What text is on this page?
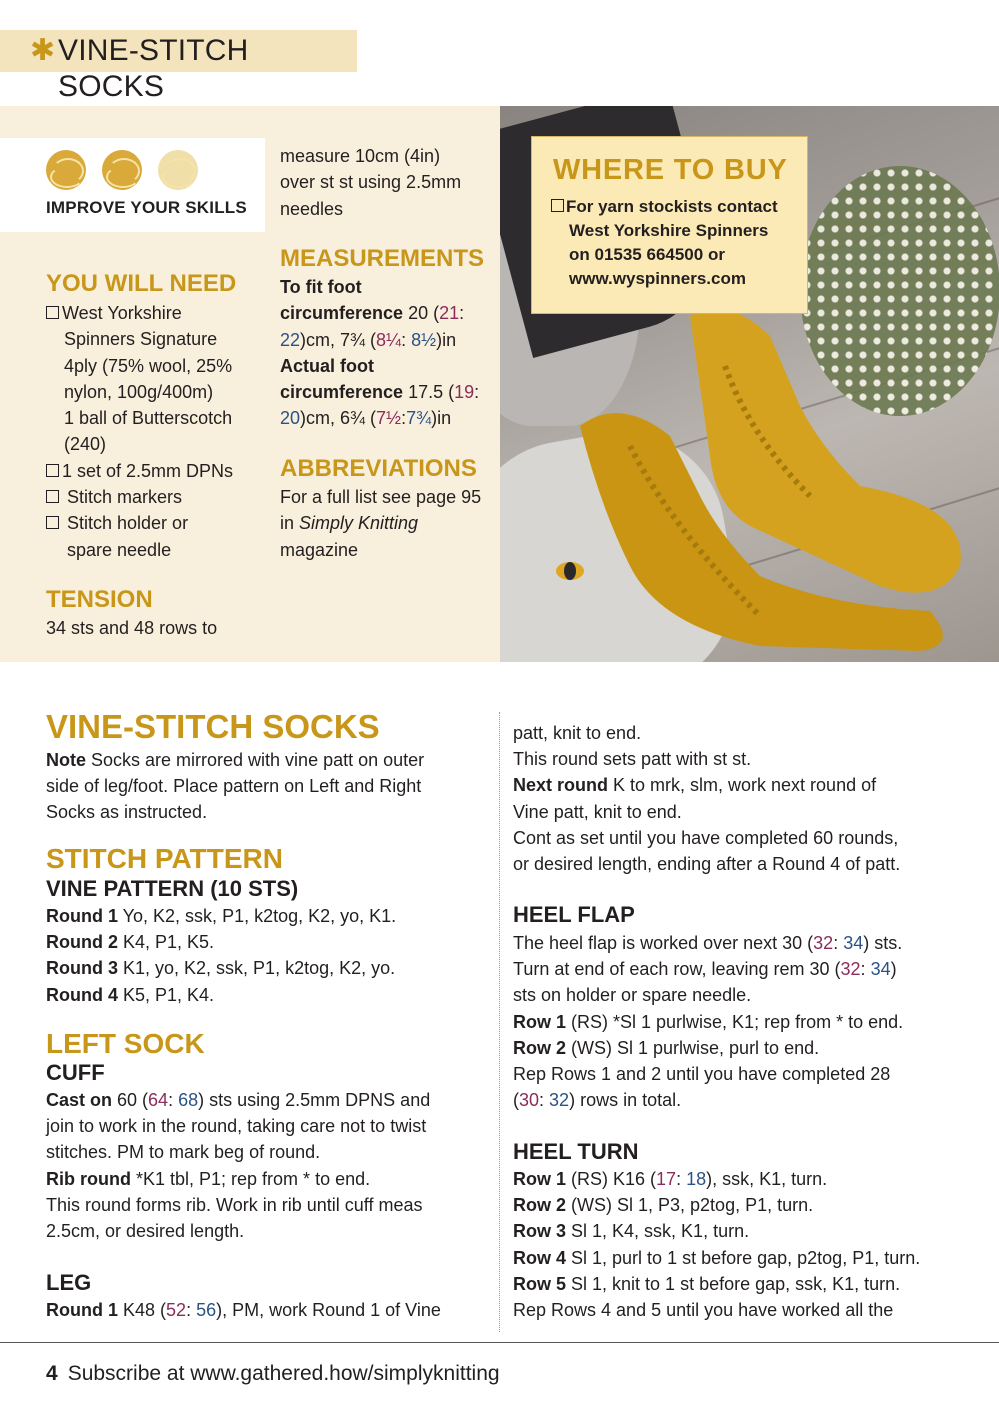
✱ VINE-STITCH SOCKS
IMPROVE YOUR SKILLS
YOU WILL NEED
West Yorkshire
Spinners Signature
4ply (75% wool, 25%
nylon, 100g/400m)
1 ball of Butterscotch
(240)
1 set of 2.5mm DPNs
Stitch markers
Stitch holder or
spare needle
TENSION
34 sts and 48 rows to
measure 10cm (4in)
over st st using 2.5mm
needles
MEASUREMENTS
To fit foot
circumference 20 (21:
22)cm, 7¾ (8¼: 8½)in
Actual foot
circumference 17.5 (19:
20)cm, 6¾ (7½:7¾)in
ABBREVIATIONS
For a full list see page 95
in Simply Knitting
magazine
WHERE TO BUY
For yarn stockists contact
West Yorkshire Spinners
on 01535 664500 or
www.wyspinners.com
VINE-STITCH SOCKS
Note Socks are mirrored with vine patt on outer
side of leg/foot. Place pattern on Left and Right
Socks as instructed.
STITCH PATTERN
VINE PATTERN (10 STS)
Round 1 Yo, K2, ssk, P1, k2tog, K2, yo, K1.
Round 2 K4, P1, K5.
Round 3 K1, yo, K2, ssk, P1, k2tog, K2, yo.
Round 4 K5, P1, K4.
LEFT SOCK
CUFF
Cast on 60 (64: 68) sts using 2.5mm DPNS and
join to work in the round, taking care not to twist
stitches. PM to mark beg of round.
Rib round *K1 tbl, P1; rep from * to end.
This round forms rib. Work in rib until cuff meas
2.5cm, or desired length.
LEG
Round 1 K48 (52: 56), PM, work Round 1 of Vine
patt, knit to end.
This round sets patt with st st.
Next round K to mrk, slm, work next round of
Vine patt, knit to end.
Cont as set until you have completed 60 rounds,
or desired length, ending after a Round 4 of patt.
HEEL FLAP
The heel flap is worked over next 30 (32: 34) sts.
Turn at end of each row, leaving rem 30 (32: 34)
sts on holder or spare needle.
Row 1 (RS) *Sl 1 purlwise, K1; rep from * to end.
Row 2 (WS) Sl 1 purlwise, purl to end.
Rep Rows 1 and 2 until you have completed 28
(30: 32) rows in total.
HEEL TURN
Row 1 (RS) K16 (17: 18), ssk, K1, turn.
Row 2 (WS) Sl 1, P3, p2tog, P1, turn.
Row 3 Sl 1, K4, ssk, K1, turn.
Row 4 Sl 1, purl to 1 st before gap, p2tog, P1, turn.
Row 5 Sl 1, knit to 1 st before gap, ssk, K1, turn.
Rep Rows 4 and 5 until you have worked all the
4 Subscribe at www.gathered.how/simplyknitting
